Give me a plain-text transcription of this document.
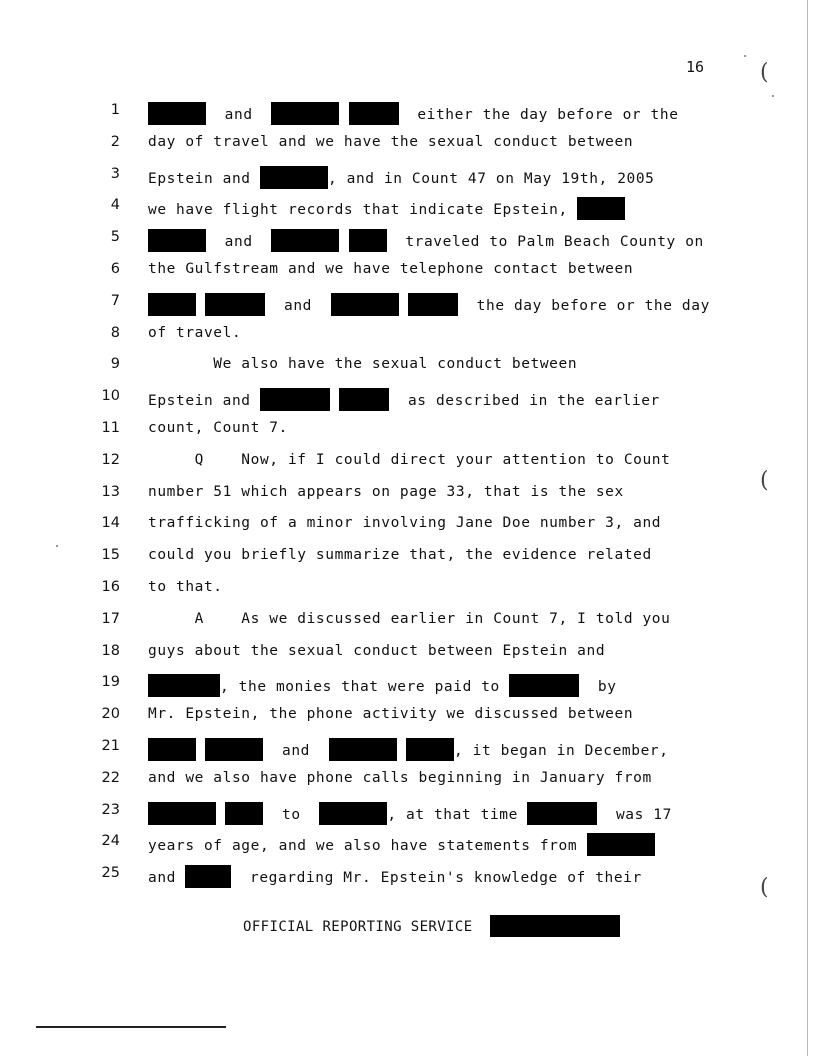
(
(
(
16
1	and	either the day before or the
2 day of travel and we have the sexual conduct between
3 Epstein and	, and in Count 47 on May 19th, 2005
4 we have flight records that indicate Epstein,
5	and	traveled to Palm Beach County on
6 the Gulfstream and we have telephone contact between
7	and	the day before or the day
8 of travel.
9 We also have the sexual conduct between
10 Epstein and	as described in the earlier
11 count, Count 7.
12 Q    Now, if I could direct your attention to Count
13 number 51 which appears on page 33, that is the sex
14 trafficking of a minor involving Jane Doe number 3, and
15 could you briefly summarize that, the evidence related
16 to that.
17 A    As we discussed earlier in Count 7, I told you
18 guys about the sexual conduct between Epstein and
19	, the monies that were paid to	by
20 Mr. Epstein, the phone activity we discussed between
21	and	, it began in December,
22 and we also have phone calls beginning in January from
23	to	, at that time	was 17
24 years of age, and we also have statements from
25 and	regarding Mr. Epstein's knowledge of their
OFFICIAL REPORTING SERVICE
